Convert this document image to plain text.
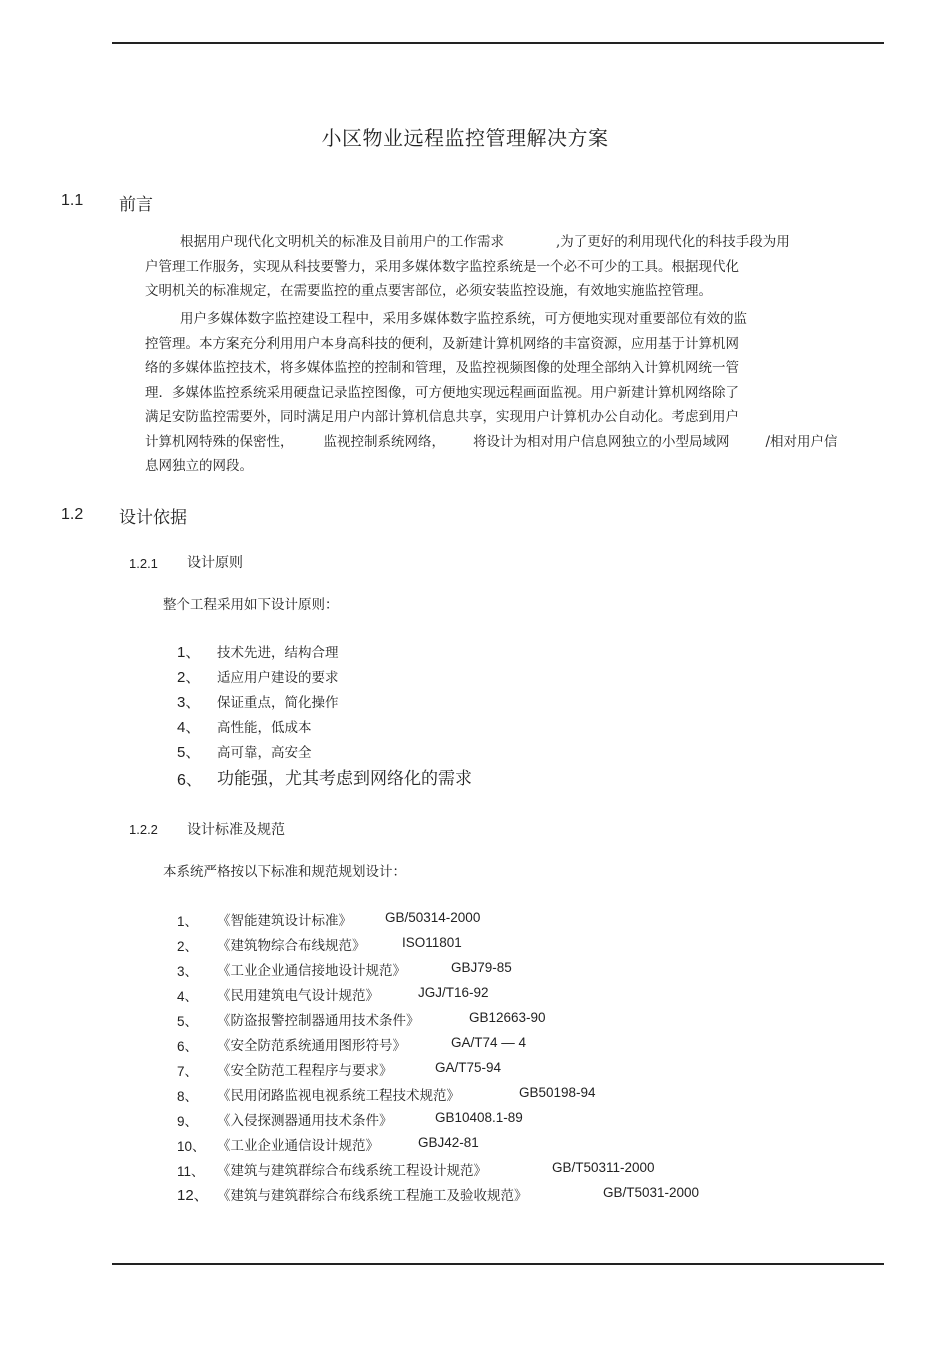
小区物业远程监控管理解决方案
1.1 前言
根据用户现代化文明机关的标准及目前用户的工作需求	,为了更好的利用现代化的科技手段为用
户管理工作服务，实现从科技要警力，采用多媒体数字监控系统是一个必不可少的工具。根据现代化
文明机关的标准规定，在需要监控的重点要害部位，必须安装监控设施，有效地实施监控管理。
用户多媒体数字监控建设工程中，采用多媒体数字监控系统，可方便地实现对重要部位有效的监
控管理。本方案充分利用用户本身高科技的便利，及新建计算机网络的丰富资源，应用基于计算机网
络的多媒体监控技术，将多媒体监控的控制和管理，及监控视频图像的处理全部纳入计算机网统一管
理．多媒体监控系统采用硬盘记录监控图像，可方便地实现远程画面监视。用户新建计算机网络除了
满足安防监控需要外，同时满足用户内部计算机信息共享，实现用户计算机办公自动化。考虑到用户
计算机网特殊的保密性， 监视控制系统网络， 将设计为相对用户信息网独立的小型局域网	/相对用户信
息网独立的网段。
1.2 设计依据
1.2.1 设计原则
整个工程采用如下设计原则：
1、 技术先进，结构合理
2、 适应用户建设的要求
3、 保证重点，简化操作
4、 高性能，低成本
5、 高可靠，高安全
6、 功能强，尤其考虑到网络化的需求
1.2.2 设计标准及规范
本系统严格按以下标准和规范规划设计：
1、 《智能建筑设计标准》 GB/50314-2000
2、 《建筑物综合布线规范》	ISO11801
3、 《工业企业通信接地设计规范》	GBJ79-85
4、 《民用建筑电气设计规范》	JGJ/T16-92
5、 《防盗报警控制器通用技术条件》	GB12663-90
6、 《安全防范系统通用图形符号》	GA/T74 — 4
7、 《安全防范工程程序与要求》	GA/T75-94
8、 《民用闭路监视电视系统工程技术规范》	GB50198-94
9、 《入侵探测器通用技术条件》	GB10408.1-89
10、 《工业企业通信设计规范》	GBJ42-81
11、 《建筑与建筑群综合布线系统工程设计规范》	GB/T50311-2000
12、 《建筑与建筑群综合布线系统工程施工及验收规范》	GB/T5031-2000
